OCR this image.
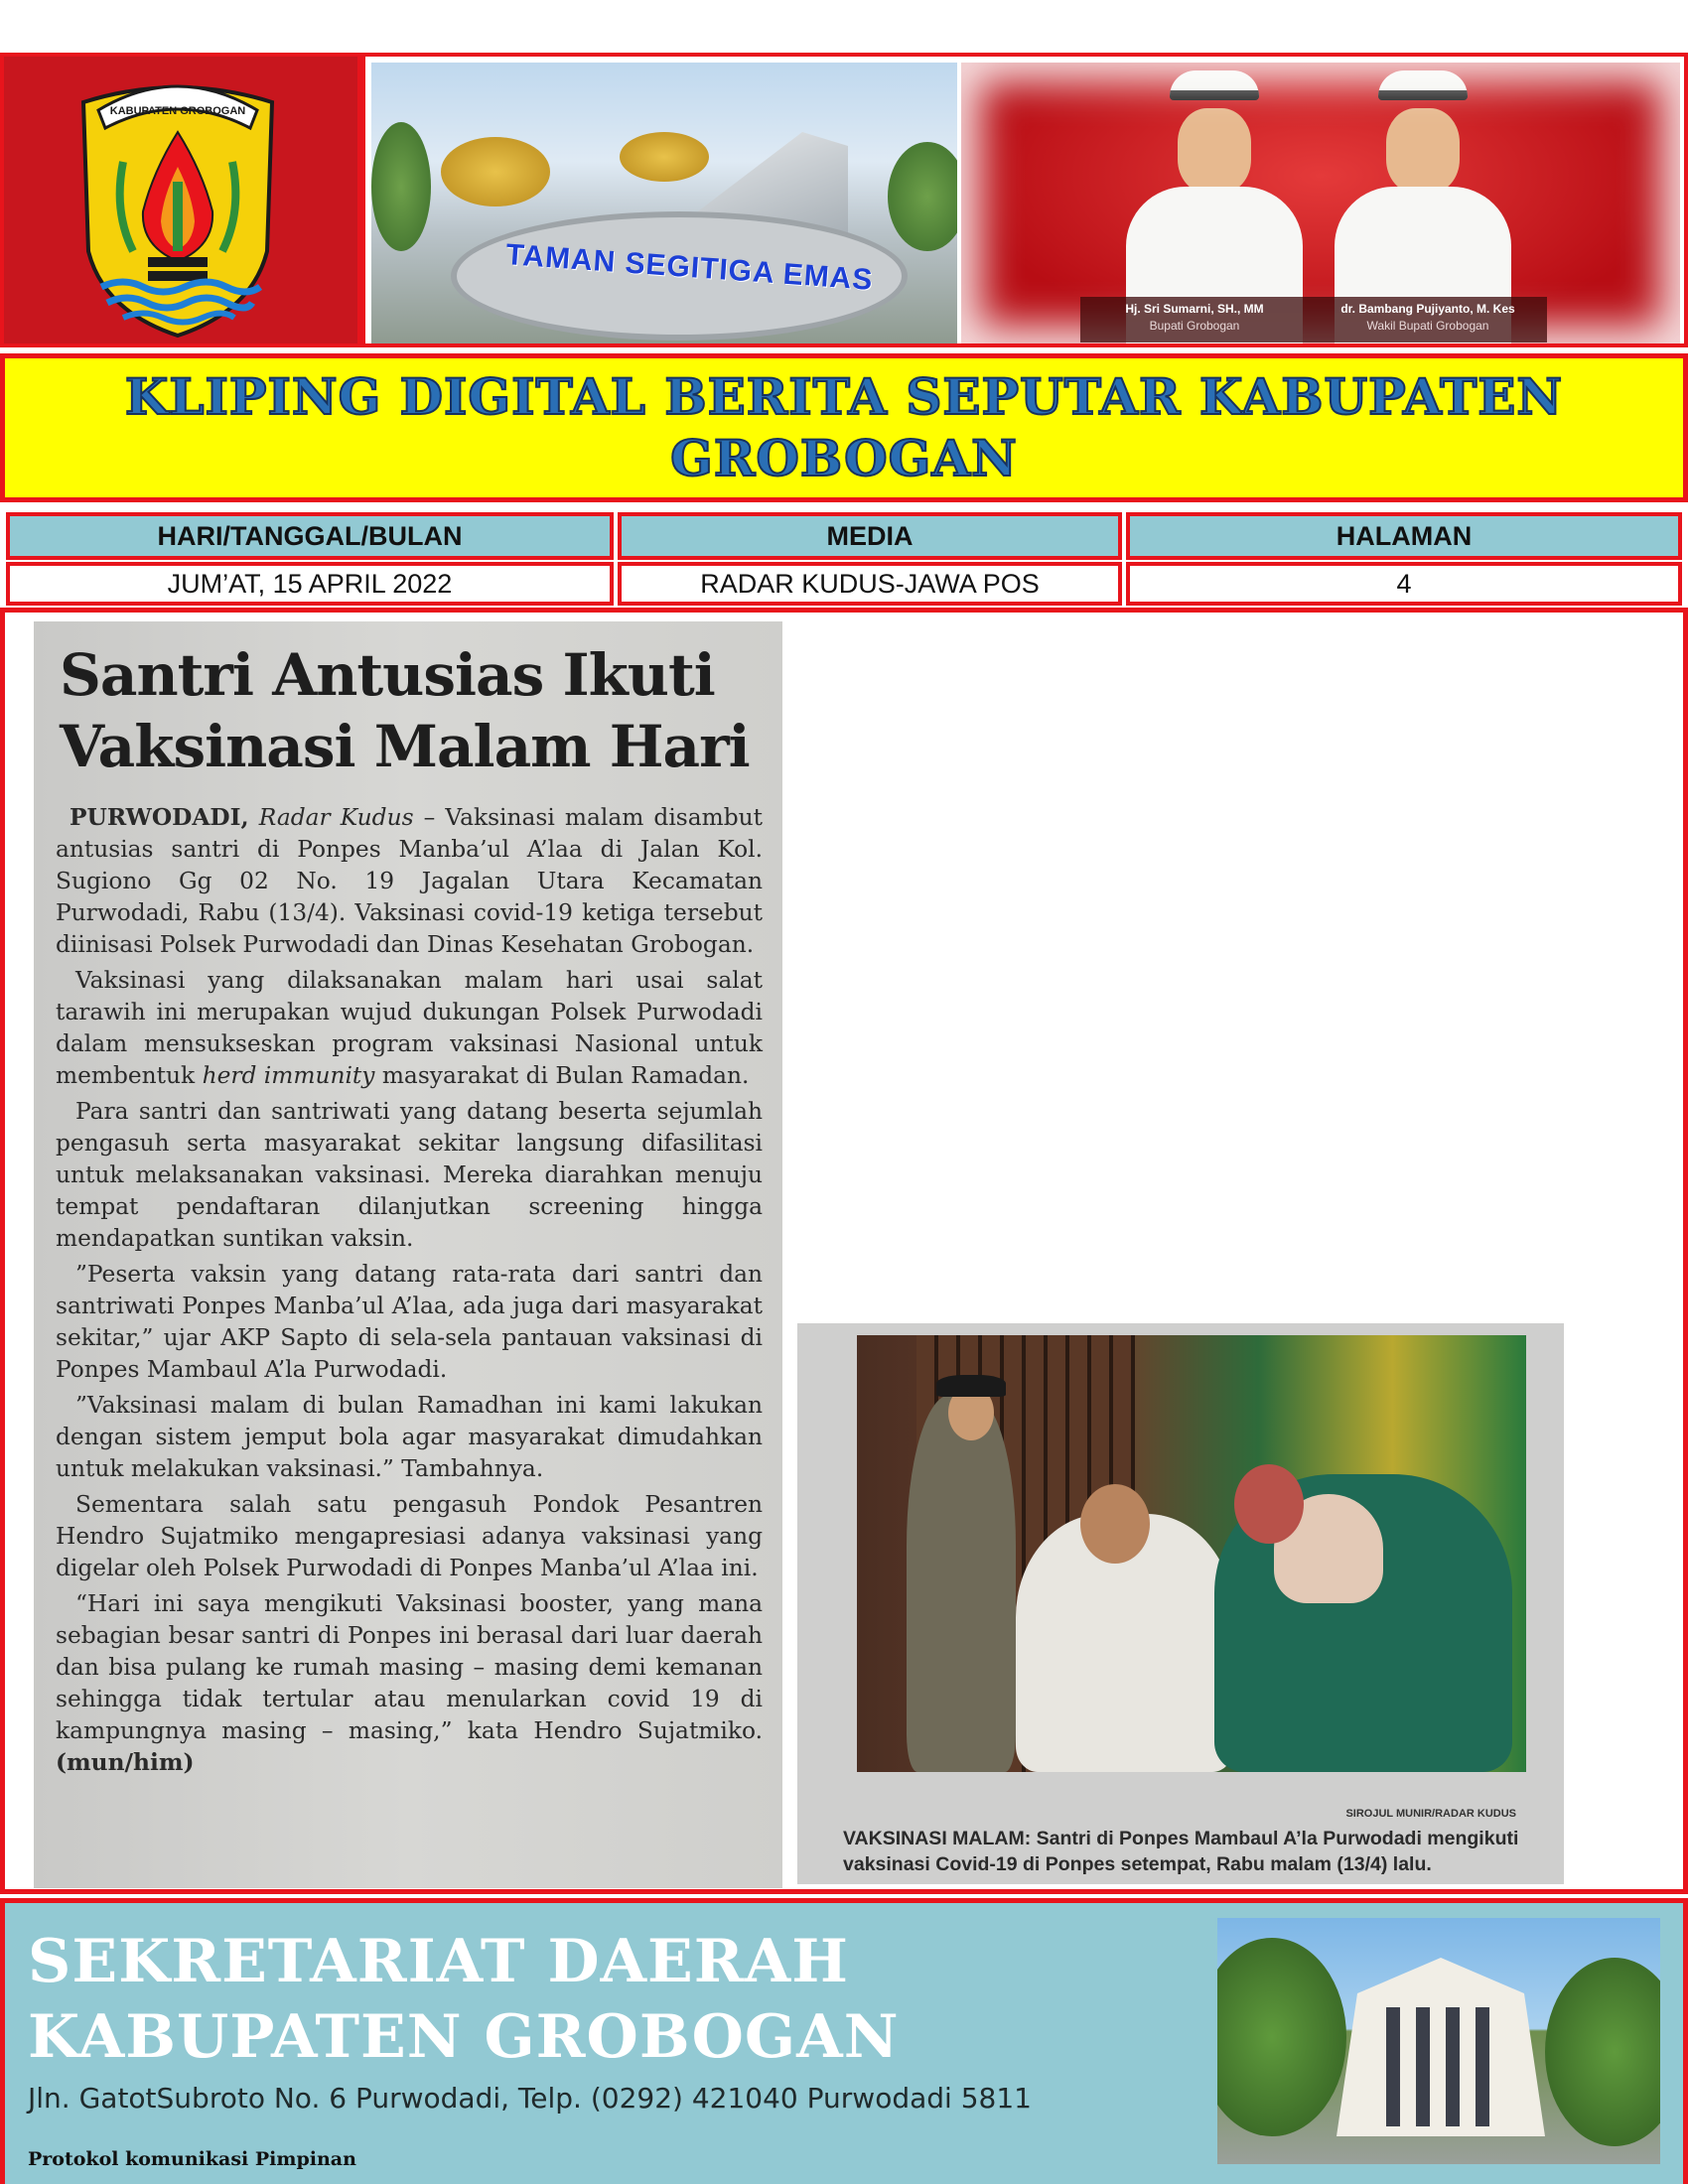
KABUPATEN GROBOGAN
TAMAN SEGITIGA EMAS
Hj. Sri Sumarni, SH., MM
Bupati Grobogan
dr. Bambang Pujiyanto, M. Kes
Wakil Bupati Grobogan
KLIPING DIGITAL BERITA SEPUTAR KABUPATEN GROBOGAN
HARI/TANGGAL/BULAN	MEDIA	HALAMAN
JUM’AT, 15 APRIL 2022	RADAR KUDUS-JAWA POS	4
Santri Antusias Ikuti Vaksinasi Malam Hari

PURWODADI, Radar Kudus – Vaksinasi malam disambut antusias santri di Ponpes Manba’ul A’laa di Jalan Kol. Sugiono Gg 02 No. 19 Jagalan Utara Kecamatan Purwodadi, Rabu (13/4). Vaksinasi covid-19 ketiga tersebut diinisasi Polsek Purwodadi dan Dinas Kesehatan Grobogan.

Vaksinasi yang dilaksanakan malam hari usai salat tarawih ini merupakan wujud dukungan Polsek Purwodadi dalam mensukseskan program vaksinasi Nasional untuk membentuk herd immunity masyarakat di Bulan Ramadan.

Para santri dan santriwati yang datang beserta sejumlah pengasuh serta masyarakat sekitar langsung difasilitasi untuk melaksanakan vaksinasi. Mereka diarahkan menuju tempat pendaftaran dilanjutkan screening hingga mendapatkan suntikan vaksin.

”Peserta vaksin yang datang rata-rata dari santri dan santriwati Ponpes Manba’ul A’laa, ada juga dari masyarakat sekitar,” ujar AKP Sapto di sela-sela pantauan vaksinasi di Ponpes Mambaul A’la Purwodadi.

”Vaksinasi malam di bulan Ramadhan ini kami lakukan dengan sistem jemput bola agar masyarakat dimudahkan untuk melakukan vaksinasi.” Tambahnya.

Sementara salah satu pengasuh Pondok Pesantren Hendro Sujatmiko mengapresiasi adanya vaksinasi yang digelar oleh Polsek Purwodadi di Ponpes Manba’ul A’laa ini.

“Hari ini saya mengikuti Vaksinasi booster, yang mana sebagian besar santri di Ponpes ini berasal dari luar daerah dan bisa pulang ke rumah masing – masing demi kemanan sehingga tidak tertular atau menularkan covid 19 di kampungnya masing – masing,” kata Hendro Sujatmiko. (mun/him)

SIROJUL MUNIR/RADAR KUDUS
VAKSINASI MALAM: Santri di Ponpes Mambaul A’la Purwodadi mengikuti vaksinasi Covid-19 di Ponpes setempat, Rabu malam (13/4) lalu.
SEKRETARIAT DAERAH KABUPATEN GROBOGAN
Jln. GatotSubroto No. 6 Purwodadi, Telp. (0292) 421040 Purwodadi 5811
Protokol komunikasi Pimpinan
